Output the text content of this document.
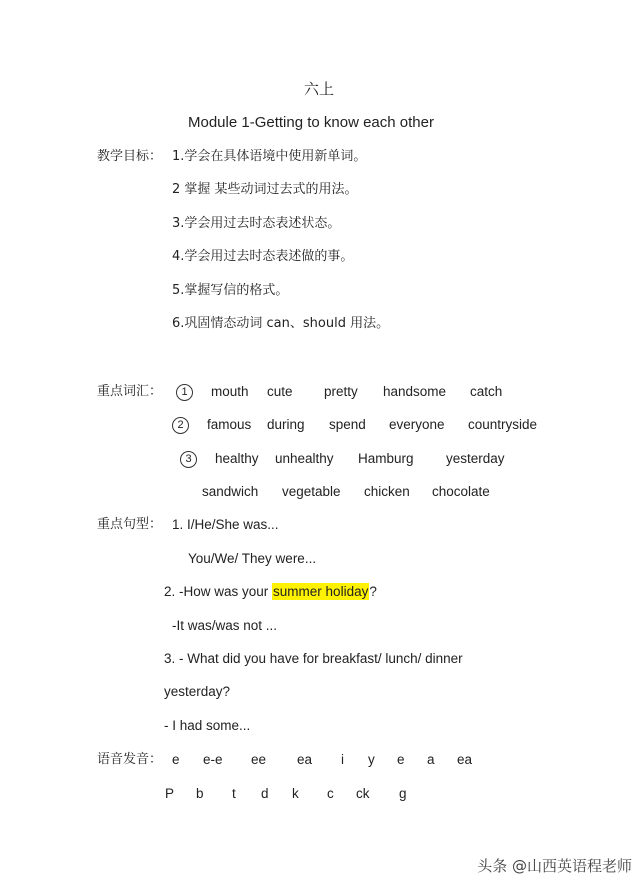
六上
Module 1-Getting to know each other
教学目标： 1.学会在具体语境中使用新单词。
2 掌握 某些动词过去式的用法。
3.学会用过去时态表述状态。
4.学会用过去时态表述做的事。
5.掌握写信的格式。
6.巩固情态动词 can、should 用法。
重点词汇：	1	mouth cute pretty handsome catch
2	famous during spend everyone countryside
3	healthy unhealthy Hamburg yesterday
sandwich vegetable chicken chocolate
重点句型： 1. I/He/She was...
You/We/ They were...
2. -How was your summer holiday?
-It was/was not ...
3. - What did you have for breakfast/ lunch/ dinner
yesterday?
- I had some...
语音发音： e e-e ee ea i y e a ea
P b t d k c ck g
头条 @山西英语程老师
